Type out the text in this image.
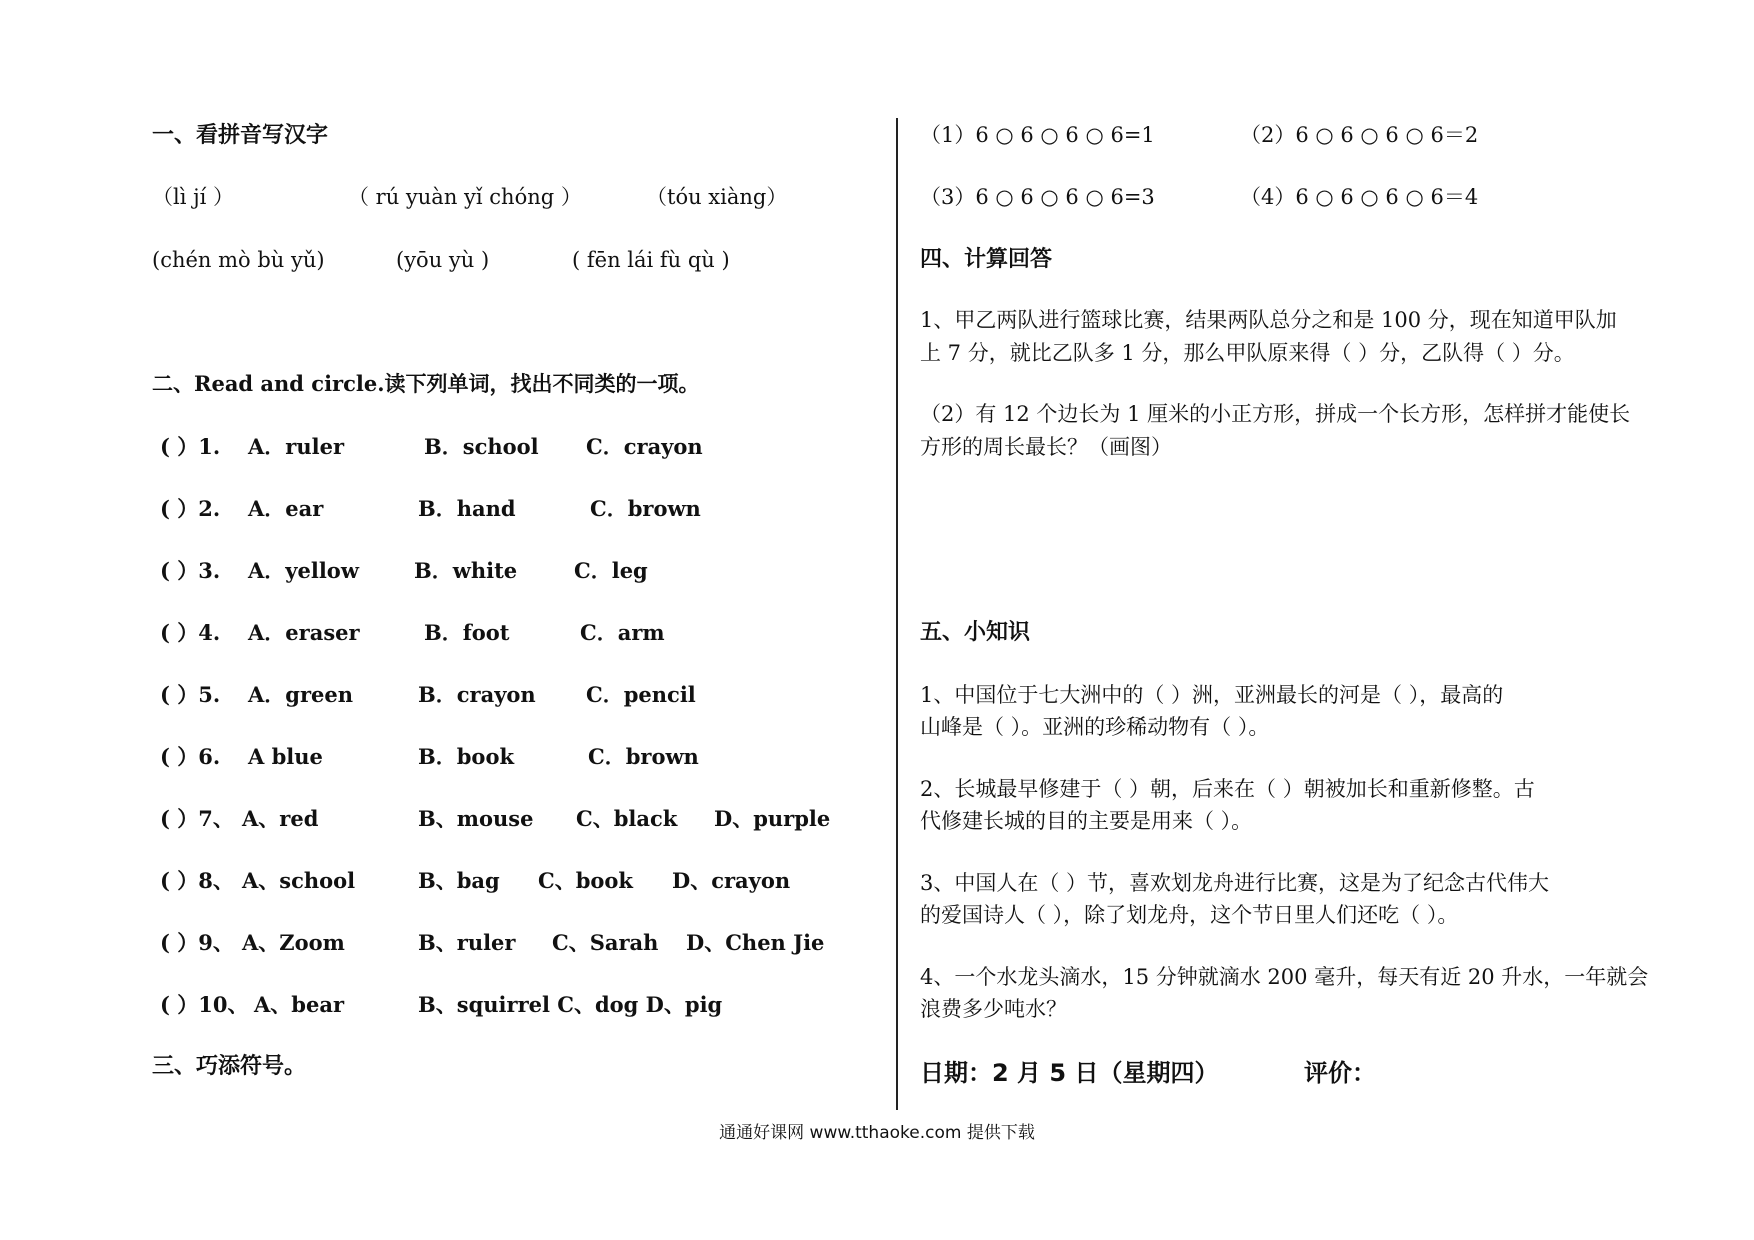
一、看拼音写汉字
（lì jí ）	（ rú yuàn yǐ chóng ）	（tóu xiàng）
(chén mò bù yǔ)	(yōu yù )	( fēn lái fù qù )
二、Read and circle.读下列单词，找出不同类的一项。
( ）1. A．ruler	B．school C．crayon
( ）2. A．ear	B．hand	C．brown
( ）3. A．yellow	B．white	C．leg
( ）4. A．eraser	B．foot	C．arm
( ）5. A．green	B．crayon C．pencil
( ）6. A blue	B．book	C．brown
( ）7、 A、red	B、mouse C、black D、purple
( ）8、 A、school	B、bag C、book D、crayon
( ）9、 A、Zoom	B、ruler C、Sarah D、Chen Jie
( ）10、 A、bear	B、squirrel C、dog D、pig
三、巧添符号。
（1）6 ○ 6 ○ 6 ○ 6=1	（2）6 ○ 6 ○ 6 ○ 6＝2
（3）6 ○ 6 ○ 6 ○ 6=3	（4）6 ○ 6 ○ 6 ○ 6＝4
四、计算回答
1、甲乙两队进行篮球比赛，结果两队总分之和是 100 分，现在知道甲队加
上 7 分，就比乙队多 1 分，那么甲队原来得（ ）分，乙队得（ ）分。
（2）有 12 个边长为 1 厘米的小正方形，拼成一个长方形，怎样拼才能使长
方形的周长最长？（画图）
五、小知识
1、中国位于七大洲中的（ ）洲，亚洲最长的河是（ ），最高的
山峰是（ ）。亚洲的珍稀动物有（ ）。
2、长城最早修建于（ ）朝，后来在（ ）朝被加长和重新修整。古
代修建长城的目的主要是用来（ ）。
3、中国人在（ ）节，喜欢划龙舟进行比赛，这是为了纪念古代伟大
的爱国诗人（ ），除了划龙舟，这个节日里人们还吃（ ）。
4、一个水龙头滴水，15 分钟就滴水 200 毫升，每天有近 20 升水，一年就会
浪费多少吨水？
日期：2 月 5 日（星期四）	评价：
通通好课网 www.tthaoke.com 提供下载
